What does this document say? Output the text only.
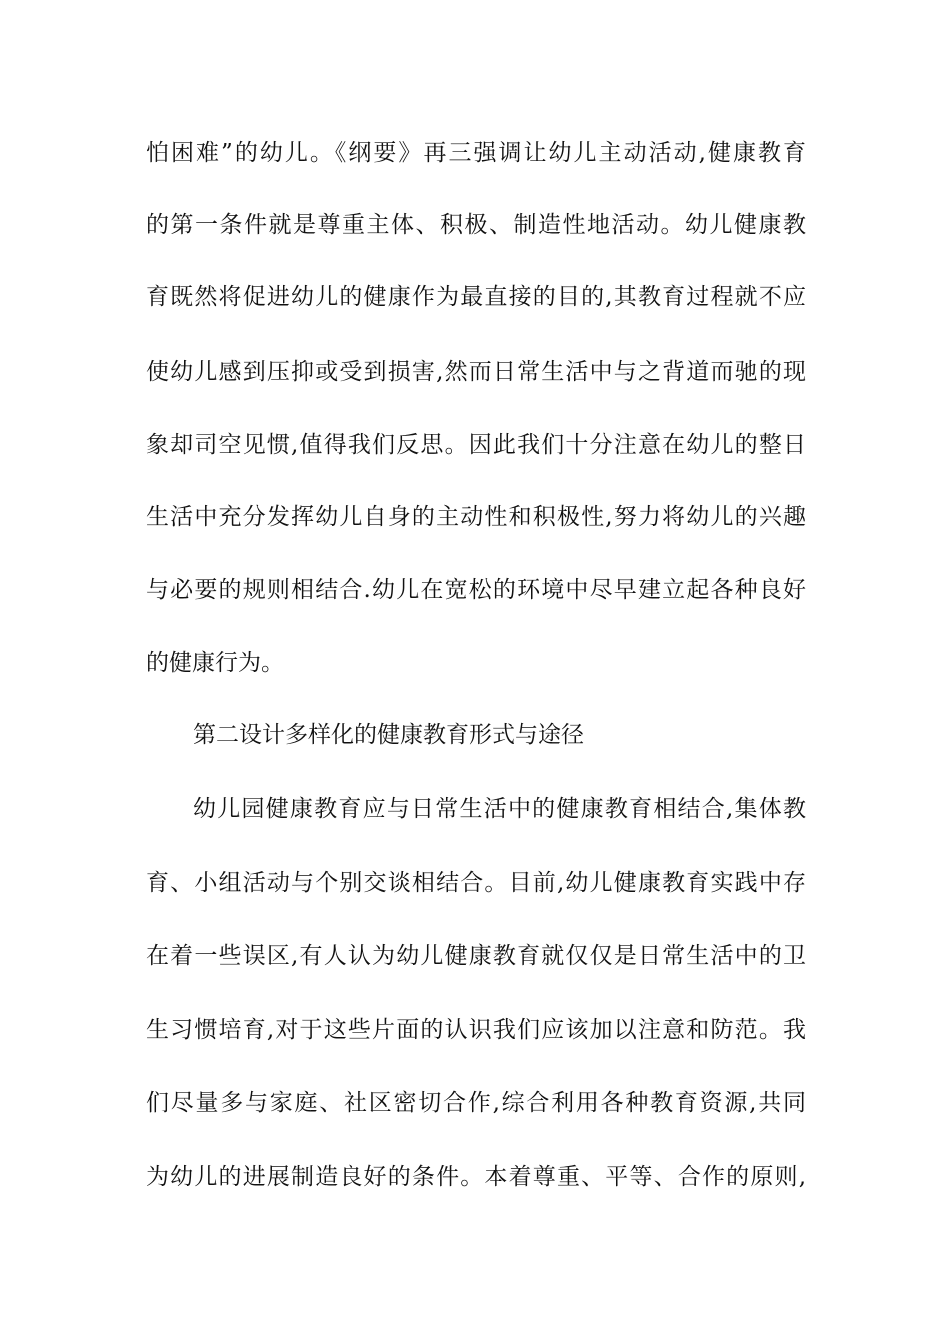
怕困难”的幼儿。《纲要》再三强调让幼儿主动活动,健康教育
的第一条件就是尊重主体、积极、制造性地活动。幼儿健康教
育既然将促进幼儿的健康作为最直接的目的,其教育过程就不应
使幼儿感到压抑或受到损害,然而日常生活中与之背道而驰的现
象却司空见惯,值得我们反思。因此我们十分注意在幼儿的整日
生活中充分发挥幼儿自身的主动性和积极性,努力将幼儿的兴趣
与必要的规则相结合.幼儿在宽松的环境中尽早建立起各种良好
的健康行为。
第二设计多样化的健康教育形式与途径
幼儿园健康教育应与日常生活中的健康教育相结合,集体教
育、小组活动与个别交谈相结合。目前,幼儿健康教育实践中存
在着一些误区,有人认为幼儿健康教育就仅仅是日常生活中的卫
生习惯培育,对于这些片面的认识我们应该加以注意和防范。我
们尽量多与家庭、社区密切合作,综合利用各种教育资源,共同
为幼儿的进展制造良好的条件。本着尊重、平等、合作的原则,
